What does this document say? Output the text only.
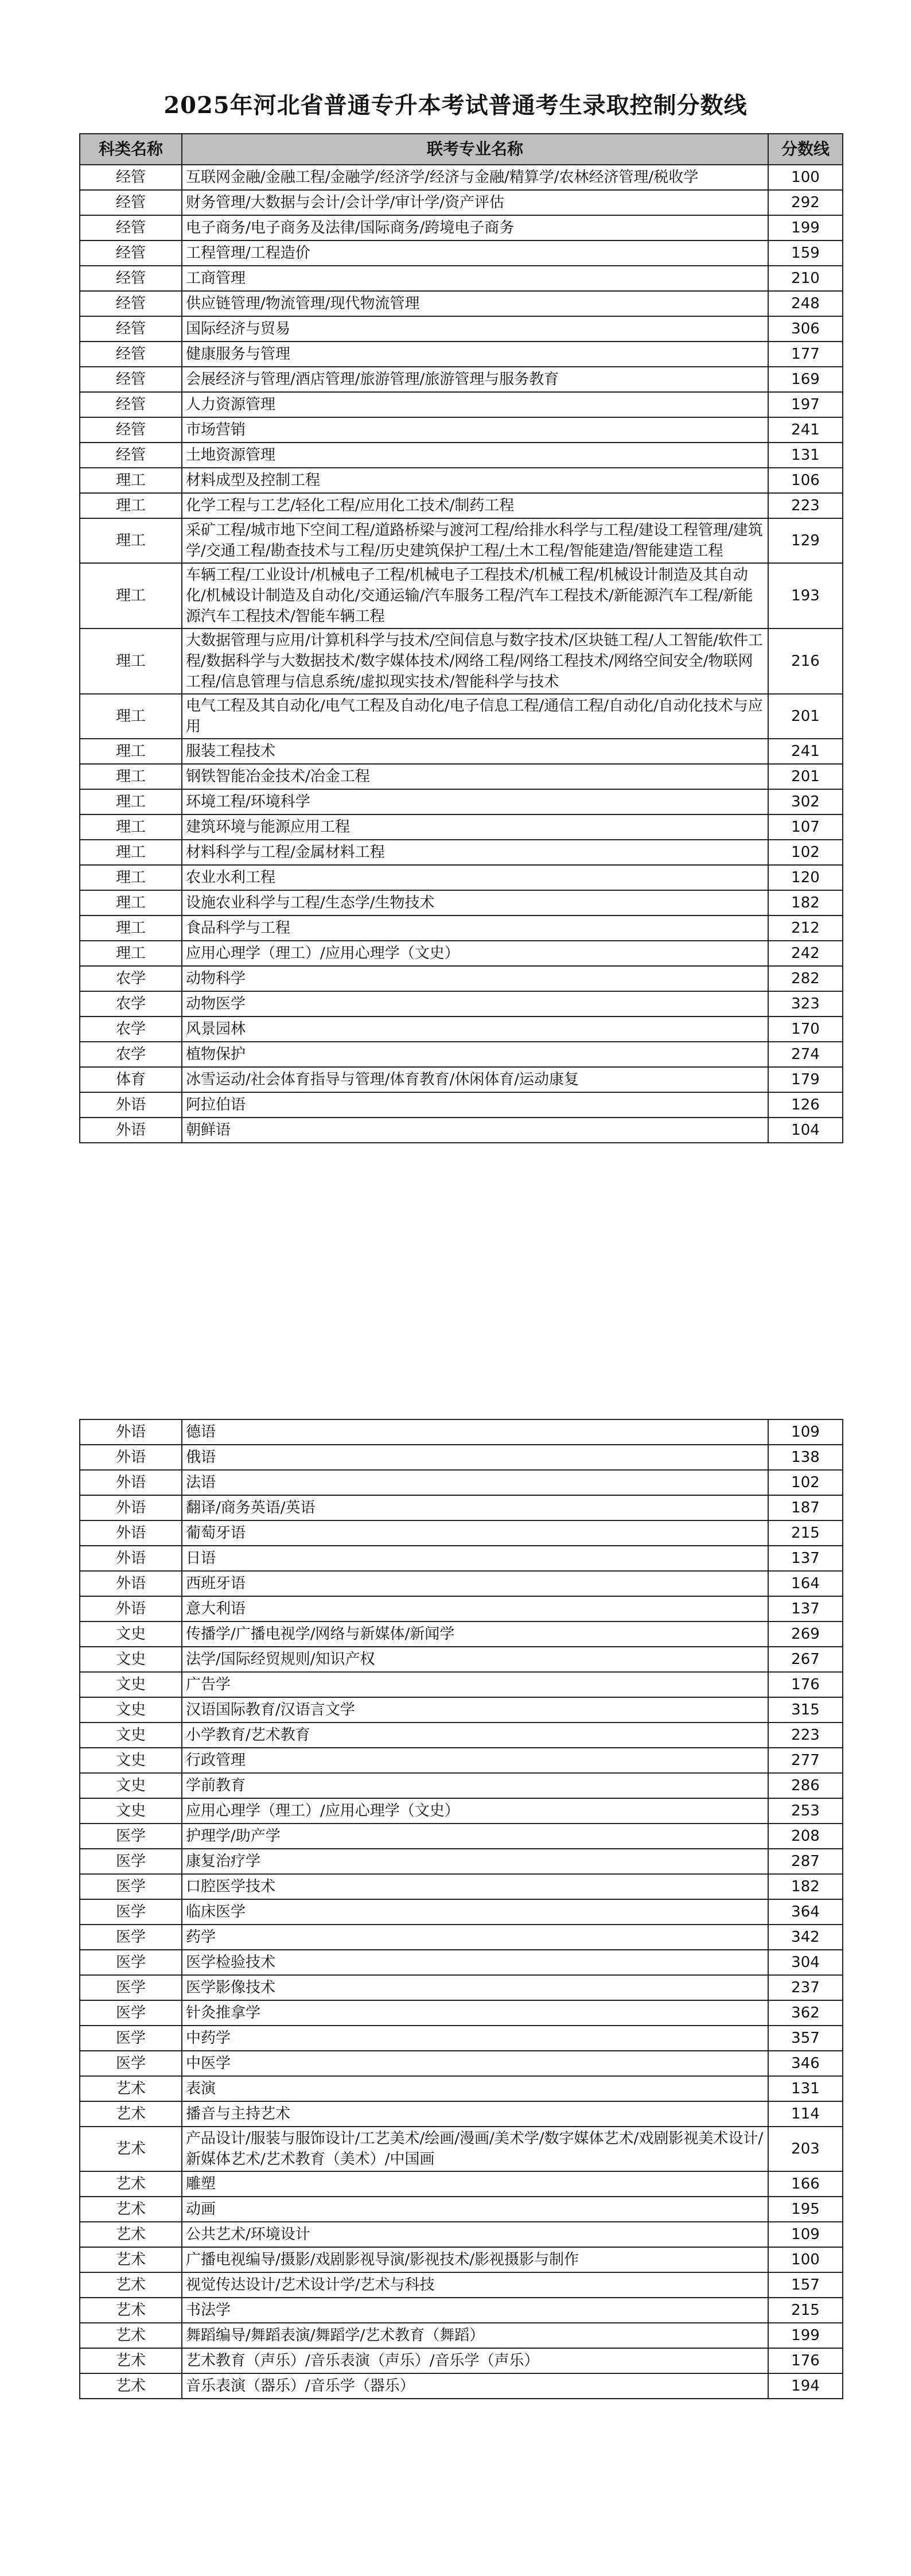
2025年河北省普通专升本考试普通考生录取控制分数线
科类名称	联考专业名称	分数线
经管	互联网金融/金融工程/金融学/经济学/经济与金融/精算学/农林经济管理/税收学	100
经管	财务管理/大数据与会计/会计学/审计学/资产评估	292
经管	电子商务/电子商务及法律/国际商务/跨境电子商务	199
经管	工程管理/工程造价	159
经管	工商管理	210
经管	供应链管理/物流管理/现代物流管理	248
经管	国际经济与贸易	306
经管	健康服务与管理	177
经管	会展经济与管理/酒店管理/旅游管理/旅游管理与服务教育	169
经管	人力资源管理	197
经管	市场营销	241
经管	土地资源管理	131
理工	材料成型及控制工程	106
理工	化学工程与工艺/轻化工程/应用化工技术/制药工程	223
理工	采矿工程/城市地下空间工程/道路桥梁与渡河工程/给排水科学与工程/建设工程管理/建筑学/交通工程/勘查技术与工程/历史建筑保护工程/土木工程/智能建造/智能建造工程	129
理工	车辆工程/工业设计/机械电子工程/机械电子工程技术/机械工程/机械设计制造及其自动化/机械设计制造及自动化/交通运输/汽车服务工程/汽车工程技术/新能源汽车工程/新能源汽车工程技术/智能车辆工程	193
理工	大数据管理与应用/计算机科学与技术/空间信息与数字技术/区块链工程/人工智能/软件工程/数据科学与大数据技术/数字媒体技术/网络工程/网络工程技术/网络空间安全/物联网工程/信息管理与信息系统/虚拟现实技术/智能科学与技术	216
理工	电气工程及其自动化/电气工程及自动化/电子信息工程/通信工程/自动化/自动化技术与应用	201
理工	服装工程技术	241
理工	钢铁智能冶金技术/冶金工程	201
理工	环境工程/环境科学	302
理工	建筑环境与能源应用工程	107
理工	材料科学与工程/金属材料工程	102
理工	农业水利工程	120
理工	设施农业科学与工程/生态学/生物技术	182
理工	食品科学与工程	212
理工	应用心理学（理工）/应用心理学（文史）	242
农学	动物科学	282
农学	动物医学	323
农学	风景园林	170
农学	植物保护	274
体育	冰雪运动/社会体育指导与管理/体育教育/休闲体育/运动康复	179
外语	阿拉伯语	126
外语	朝鲜语	104
外语	德语	109
外语	俄语	138
外语	法语	102
外语	翻译/商务英语/英语	187
外语	葡萄牙语	215
外语	日语	137
外语	西班牙语	164
外语	意大利语	137
文史	传播学/广播电视学/网络与新媒体/新闻学	269
文史	法学/国际经贸规则/知识产权	267
文史	广告学	176
文史	汉语国际教育/汉语言文学	315
文史	小学教育/艺术教育	223
文史	行政管理	277
文史	学前教育	286
文史	应用心理学（理工）/应用心理学（文史）	253
医学	护理学/助产学	208
医学	康复治疗学	287
医学	口腔医学技术	182
医学	临床医学	364
医学	药学	342
医学	医学检验技术	304
医学	医学影像技术	237
医学	针灸推拿学	362
医学	中药学	357
医学	中医学	346
艺术	表演	131
艺术	播音与主持艺术	114
艺术	产品设计/服装与服饰设计/工艺美术/绘画/漫画/美术学/数字媒体艺术/戏剧影视美术设计/新媒体艺术/艺术教育（美术）/中国画	203
艺术	雕塑	166
艺术	动画	195
艺术	公共艺术/环境设计	109
艺术	广播电视编导/摄影/戏剧影视导演/影视技术/影视摄影与制作	100
艺术	视觉传达设计/艺术设计学/艺术与科技	157
艺术	书法学	215
艺术	舞蹈编导/舞蹈表演/舞蹈学/艺术教育（舞蹈）	199
艺术	艺术教育（声乐）/音乐表演（声乐）/音乐学（声乐）	176
艺术	音乐表演（器乐）/音乐学（器乐）	194
